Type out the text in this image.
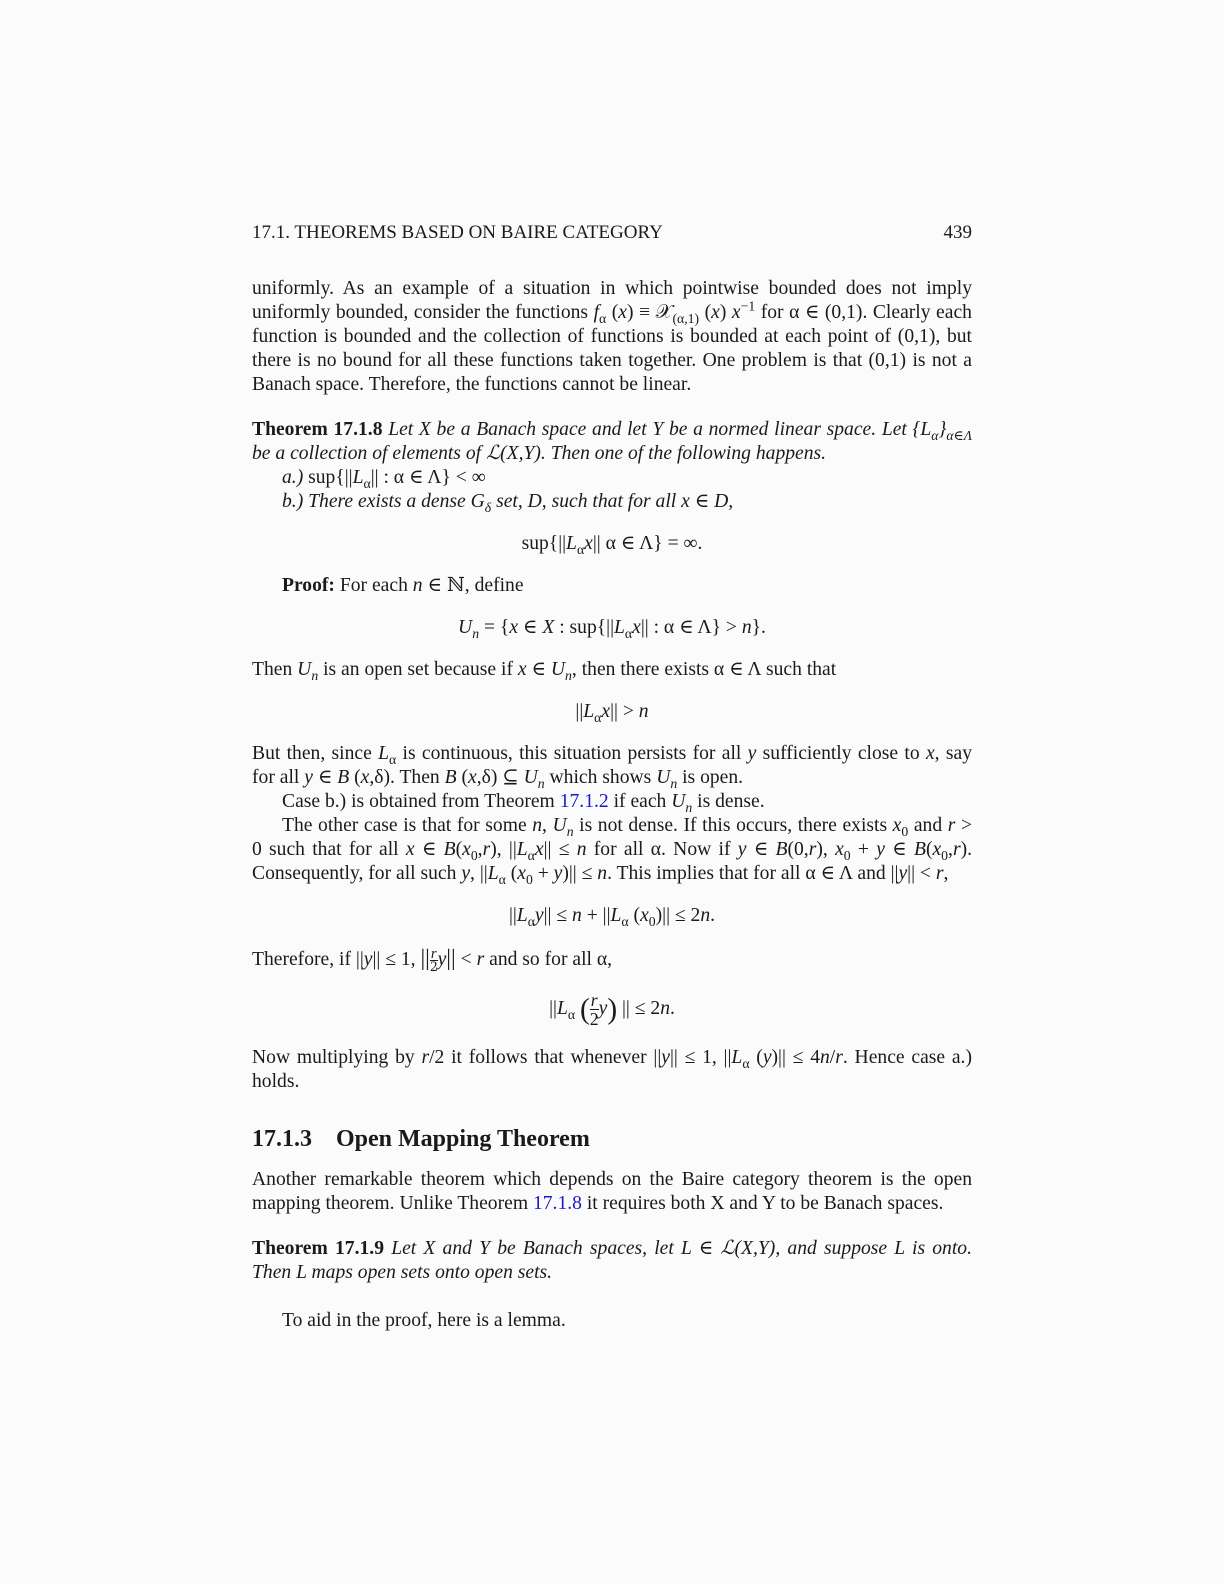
17.1. THEOREMS BASED ON BAIRE CATEGORY	439

uniformly. As an example of a situation in which pointwise bounded does not imply uniformly bounded, consider the functions $f_\alpha$ (x) ≡ 𝒳$_{(\alpha,1)}$ (x) $x^{-1}$ for α ∈ (0,1). Clearly each function is bounded and the collection of functions is bounded at each point of (0,1), but there is no bound for all these functions taken together. One problem is that (0,1) is not a Banach space. Therefore, the functions cannot be linear.

Theorem 17.1.8 Let X be a Banach space and let Y be a normed linear space. Let $\{L_\alpha\}_{\alpha\in\Lambda}$ be a collection of elements of ℒ(X,Y). Then one of the following happens.

a.) $sup\{||L_\alpha||$ : α ∈ Λ} < ∞

b.) There exists a dense $G_\delta$ set, D, such that for all x ∈ D,

$sup\{||L_\alpha x||$ α ∈ Λ} = ∞.

Proof: For each n ∈ ℕ, define

$U_n = \{x$ ∈ X : $sup\{||L_\alpha x||$ : α ∈ Λ} > n}.

Then $U_n$ is an open set because if x ∈ $U_n$, then there exists α ∈ Λ such that

$||L_\alpha x|| > n$

But then, since $L_\alpha$ is continuous, this situation persists for all y sufficiently close to x, say for all y ∈ B (x,δ). Then B (x,δ) ⊆ $U_n$ which shows $U_n$ is open.

Case b.) is obtained from Theorem 17.1.2 if each $U_n$ is dense.

The other case is that for some n, $U_n$ is not dense. If this occurs, there exists $x_0$ and r > 0 such that for all x ∈ $B(x_0,r)$, $||L_\alpha x|| \le n$ for all α. Now if y ∈ B(0,r), $x_0 + y$ ∈ $B(x_0,r)$. Consequently, for all such y, $||L_\alpha$ $(x_0 + y)|| \le n$. This implies that for all α ∈ Λ and ||y|| < r,

$||L_\alpha y|| \le n + ||L_\alpha$ $(x_0)|| \le 2n$.

Therefore, if ||y|| ≤ 1, || $\frac{r}{2} y|| < r$ and so for all α,

$||L_\alpha$ ( $\frac{r}{2} y$) || ≤ 2n.

Now multiplying by r/2 it follows that whenever ||y|| ≤ 1, $||L_\alpha$ (y)|| ≤ 4n/r. Hence case a.) holds.

17.1.3 Open Mapping Theorem

Another remarkable theorem which depends on the Baire category theorem is the open mapping theorem. Unlike Theorem 17.1.8 it requires both X and Y to be Banach spaces.

Theorem 17.1.9 Let X and Y be Banach spaces, let L ∈ ℒ(X,Y), and suppose L is onto. Then L maps open sets onto open sets.

To aid in the proof, here is a lemma.
